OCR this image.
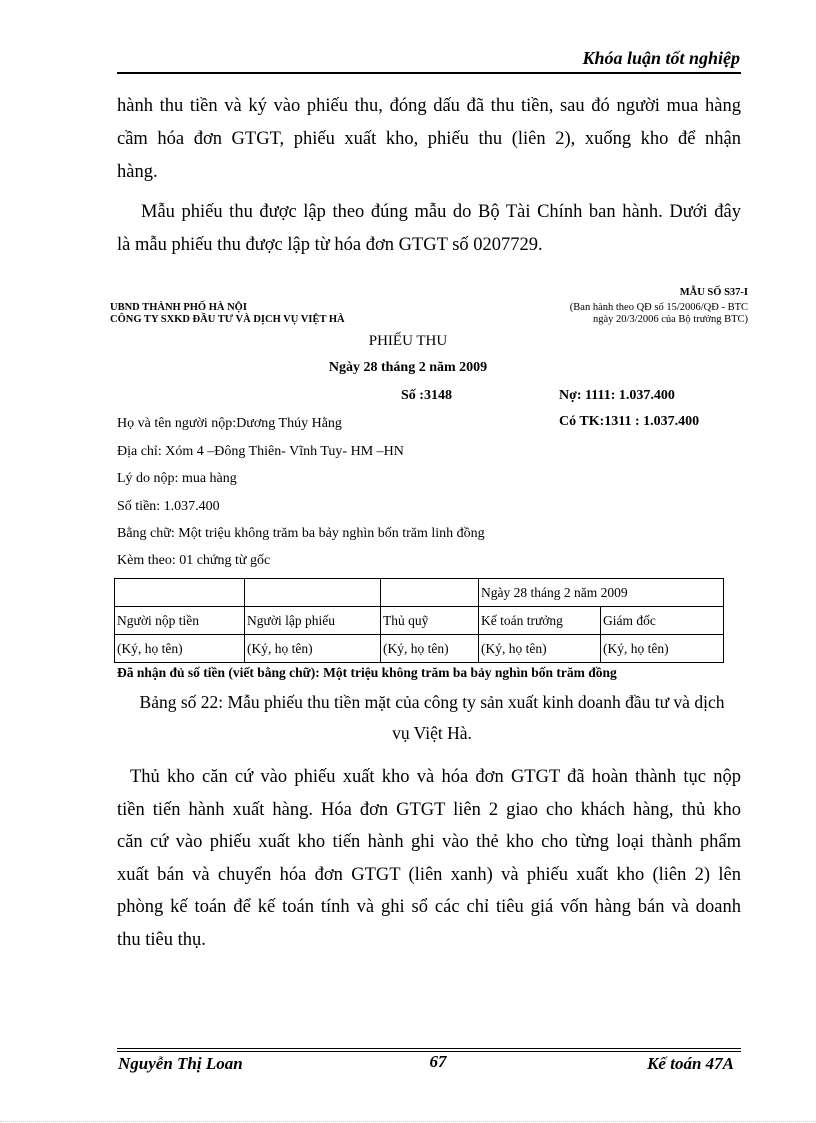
Khóa luận tốt nghiệp
hành thu tiền và ký vào phiếu thu, đóng dấu đã thu tiền, sau đó người mua hàng
cầm hóa đơn GTGT, phiếu xuất kho, phiếu thu (liên 2), xuống kho để nhận
hàng.
Mẫu phiếu thu được lập theo đúng mẫu do Bộ Tài Chính ban hành. Dưới đây
là mẫu phiếu thu được lập từ hóa đơn GTGT số 0207729.
MẪU SỐ S37-I
UBND THÀNH PHỐ HÀ NỘI
CÔNG TY SXKD ĐẦU TƯ VÀ DỊCH VỤ VIỆT HÀ
(Ban hành theo QĐ số 15/2006/QĐ - BTC
ngày 20/3/2006 của Bộ trưởng BTC)
PHIẾU THU
Ngày 28 tháng 2 năm 2009
Số :3148	Nợ: 1111: 1.037.400
Có TK:1311 : 1.037.400
Họ và tên người nộp:Dương Thúy Hằng
Địa chỉ: Xóm 4 –Đông Thiên- Vĩnh Tuy- HM –HN
Lý do nộp: mua hàng
Số tiền: 1.037.400
Bằng chữ: Một triệu không trăm ba bảy nghìn bốn trăm linh đồng
Kèm theo: 01 chứng từ gốc
			Ngày 28 tháng 2 năm 2009	
Người nộp tiền	Người lập phiếu	Thủ quỹ	Kế toán trưởng	Giám đốc
(Ký, họ tên)	(Ký, họ tên)	(Ký, họ tên)	(Ký, họ tên)	(Ký, họ tên)
Đã nhận đủ số tiền (viết bằng chữ): Một triệu không trăm ba bảy nghìn bốn trăm đồng
Bảng số 22: Mẫu phiếu thu tiền mặt của công ty sản xuất kinh doanh đầu tư và dịch
vụ Việt Hà.
Thủ kho căn cứ vào phiếu xuất kho và hóa đơn GTGT đã hoàn thành tục nộp
tiền tiến hành xuất hàng. Hóa đơn GTGT liên 2 giao cho khách hàng, thủ kho
căn cứ vào phiếu xuất kho tiến hành ghi vào thẻ kho cho từng loại thành phẩm
xuất bán và chuyển hóa đơn GTGT (liên xanh) và phiếu xuất kho (liên 2) lên
phòng kế toán để kế toán tính và ghi sổ các chỉ tiêu giá vốn hàng bán và doanh
thu tiêu thụ.
Nguyễn Thị Loan	67	Kế toán 47A
